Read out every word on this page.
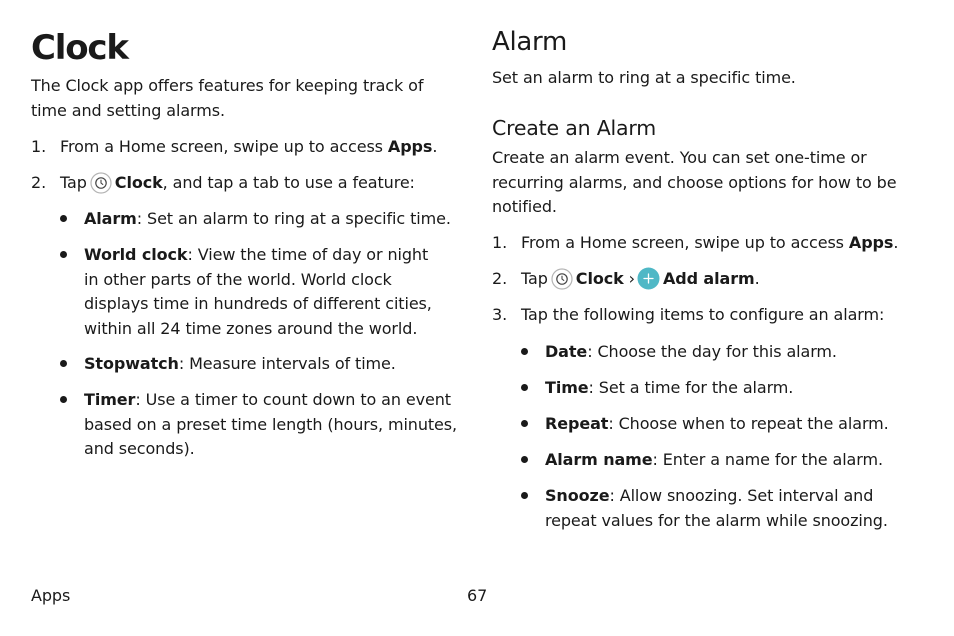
Clock

The Clock app offers features for keeping track of time and setting alarms.

1. From a Home screen, swipe up to access Apps.

2. Tap Clock, and tap a tab to use a feature:

Alarm: Set an alarm to ring at a specific time.

World clock: View the time of day or night in other parts of the world. World clock displays time in hundreds of different cities, within all 24 time zones around the world.

Stopwatch: Measure intervals of time.

Timer: Use a timer to count down to an event based on a preset time length (hours, minutes, and seconds).

Alarm

Set an alarm to ring at a specific time.

Create an Alarm

Create an alarm event. You can set one-time or recurring alarms, and choose options for how to be notified.

1. From a Home screen, swipe up to access Apps.

2. Tap Clock › Add alarm.

3. Tap the following items to configure an alarm:

Date: Choose the day for this alarm.

Time: Set a time for the alarm.

Repeat: Choose when to repeat the alarm.

Alarm name: Enter a name for the alarm.

Snooze: Allow snoozing. Set interval and repeat values for the alarm while snoozing.

Apps	67
